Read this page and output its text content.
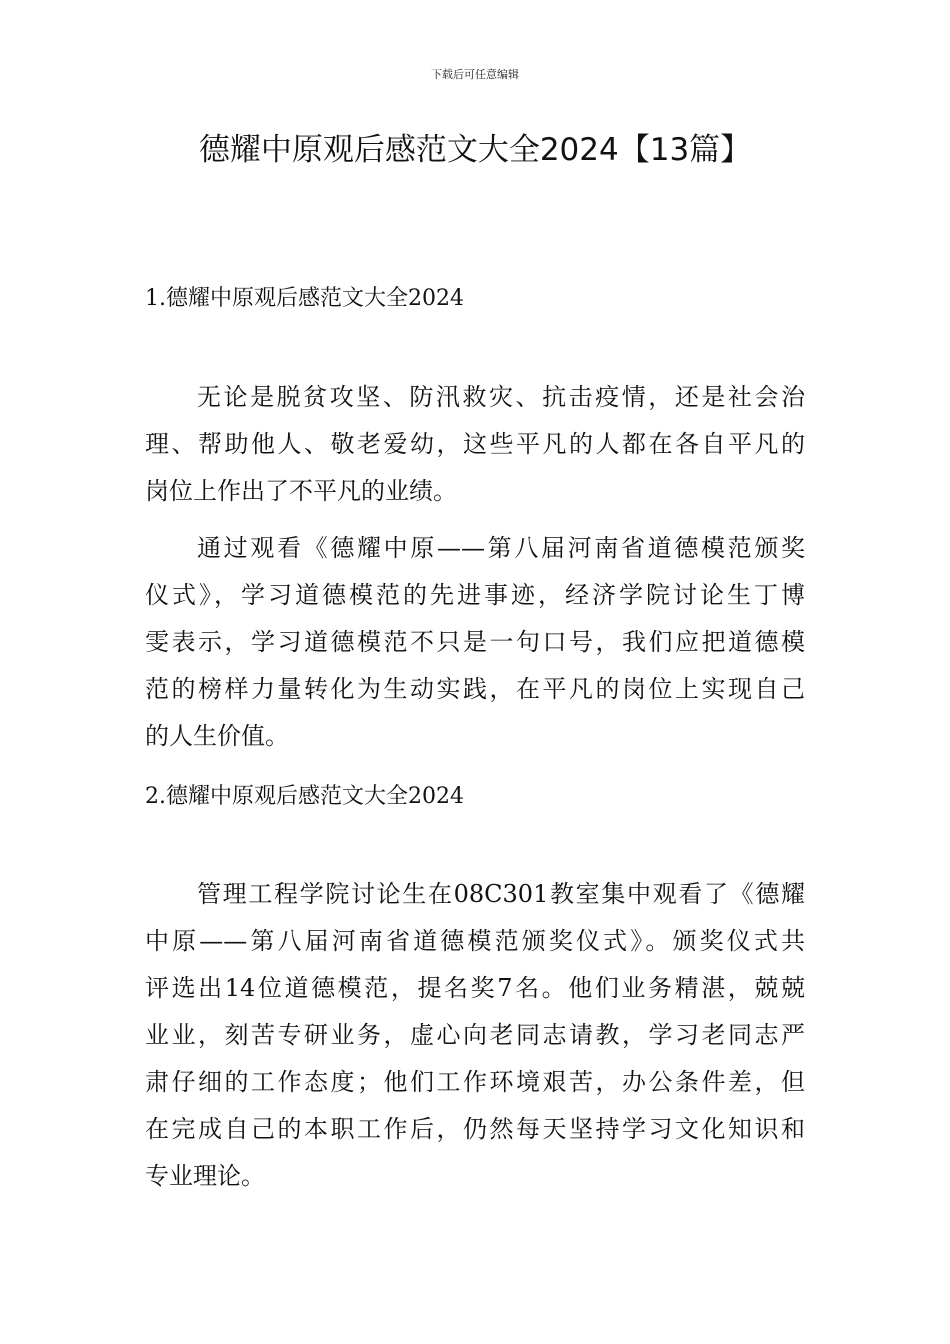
下载后可任意编辑
德耀中原观后感范文大全2024【13篇】
1.德耀中原观后感范文大全2024

无论是脱贫攻坚、防汛救灾、抗击疫情，还是社会治
理、帮助他人、敬老爱幼，这些平凡的人都在各自平凡的
岗位上作出了不平凡的业绩。

通过观看《德耀中原——第八届河南省道德模范颁奖
仪式》，学习道德模范的先进事迹，经济学院讨论生丁博
雯表示，学习道德模范不只是一句口号，我们应把道德模
范的榜样力量转化为生动实践，在平凡的岗位上实现自己
的人生价值。

2.德耀中原观后感范文大全2024

管理工程学院讨论生在08C301教室集中观看了《德耀
中原——第八届河南省道德模范颁奖仪式》。颁奖仪式共
评选出14位道德模范，提名奖7名。他们业务精湛，兢兢
业业，刻苦专研业务，虚心向老同志请教，学习老同志严
肃仔细的工作态度；他们工作环境艰苦，办公条件差，但
在完成自己的本职工作后，仍然每天坚持学习文化知识和
专业理论。
